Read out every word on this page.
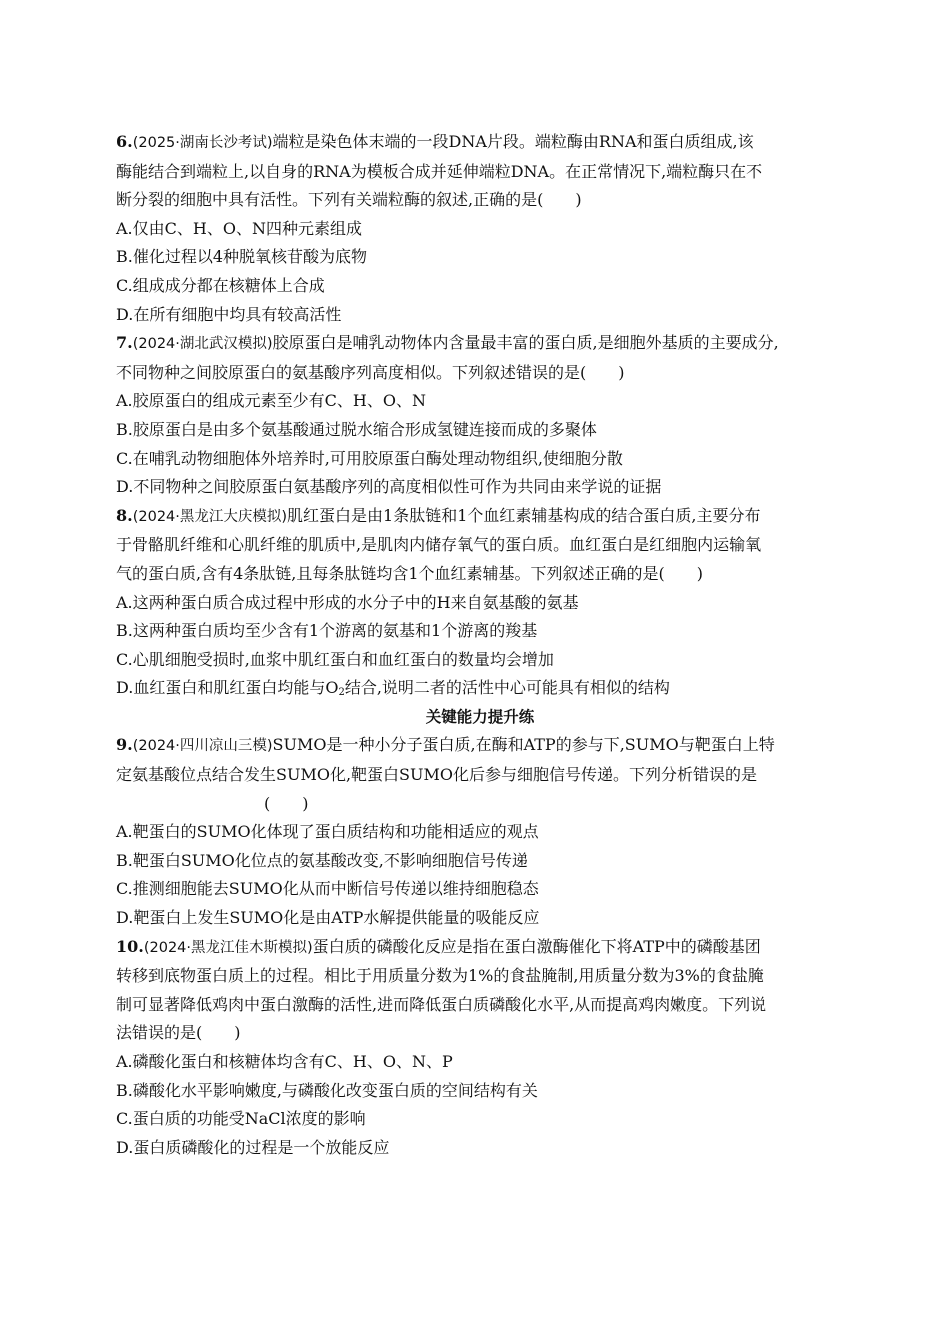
6.(2025·湖南长沙考试)端粒是染色体末端的一段DNA片段。端粒酶由RNA和蛋白质组成,该
酶能结合到端粒上,以自身的RNA为模板合成并延伸端粒DNA。在正常情况下,端粒酶只在不
断分裂的细胞中具有活性。下列有关端粒酶的叙述,正确的是(　　)
A.仅由C、H、O、N四种元素组成
B.催化过程以4种脱氧核苷酸为底物
C.组成成分都在核糖体上合成
D.在所有细胞中均具有较高活性
7.(2024·湖北武汉模拟)胶原蛋白是哺乳动物体内含量最丰富的蛋白质,是细胞外基质的主要成分,
不同物种之间胶原蛋白的氨基酸序列高度相似。下列叙述错误的是(　　)
A.胶原蛋白的组成元素至少有C、H、O、N
B.胶原蛋白是由多个氨基酸通过脱水缩合形成氢键连接而成的多聚体
C.在哺乳动物细胞体外培养时,可用胶原蛋白酶处理动物组织,使细胞分散
D.不同物种之间胶原蛋白氨基酸序列的高度相似性可作为共同由来学说的证据
8.(2024·黑龙江大庆模拟)肌红蛋白是由1条肽链和1个血红素辅基构成的结合蛋白质,主要分布
于骨骼肌纤维和心肌纤维的肌质中,是肌肉内储存氧气的蛋白质。血红蛋白是红细胞内运输氧
气的蛋白质,含有4条肽链,且每条肽链均含1个血红素辅基。下列叙述正确的是(　　)
A.这两种蛋白质合成过程中形成的水分子中的H来自氨基酸的氨基
B.这两种蛋白质均至少含有1个游离的氨基和1个游离的羧基
C.心肌细胞受损时,血浆中肌红蛋白和血红蛋白的数量均会增加
D.血红蛋白和肌红蛋白均能与$O_2$结合,说明二者的活性中心可能具有相似的结构
关键能力提升练
9.(2024·四川凉山三模)SUMO是一种小分子蛋白质,在酶和ATP的参与下,SUMO与靶蛋白上特
定氨基酸位点结合发生SUMO化,靶蛋白SUMO化后参与细胞信号传递。下列分析错误的是
(　　)
A.靶蛋白的SUMO化体现了蛋白质结构和功能相适应的观点
B.靶蛋白SUMO化位点的氨基酸改变,不影响细胞信号传递
C.推测细胞能去SUMO化从而中断信号传递以维持细胞稳态
D.靶蛋白上发生SUMO化是由ATP水解提供能量的吸能反应
10.(2024·黑龙江佳木斯模拟)蛋白质的磷酸化反应是指在蛋白激酶催化下将ATP中的磷酸基团
转移到底物蛋白质上的过程。相比于用质量分数为1%的食盐腌制,用质量分数为3%的食盐腌
制可显著降低鸡肉中蛋白激酶的活性,进而降低蛋白质磷酸化水平,从而提高鸡肉嫩度。下列说
法错误的是(　　)
A.磷酸化蛋白和核糖体均含有C、H、O、N、P
B.磷酸化水平影响嫩度,与磷酸化改变蛋白质的空间结构有关
C.蛋白质的功能受NaCl浓度的影响
D.蛋白质磷酸化的过程是一个放能反应
